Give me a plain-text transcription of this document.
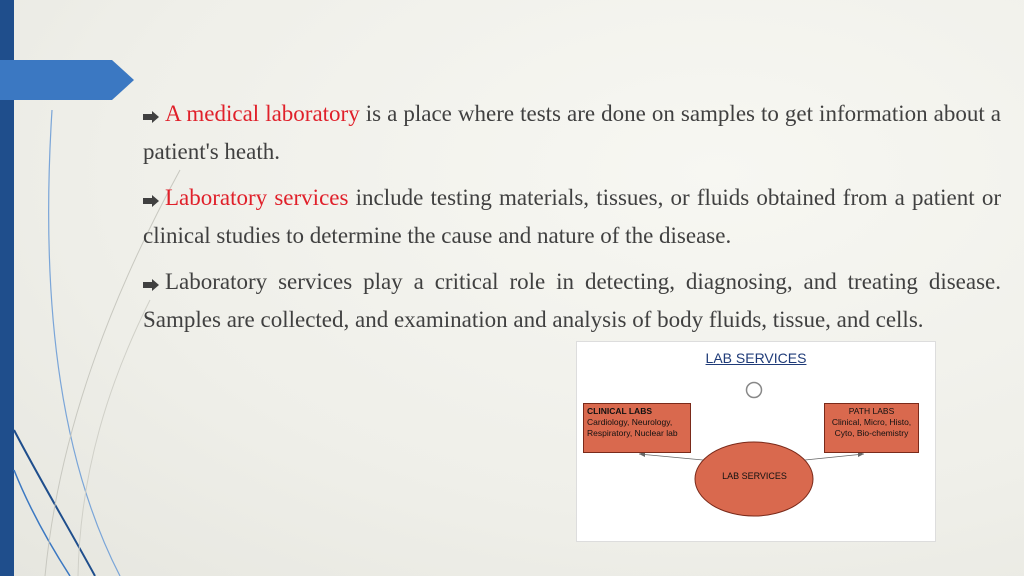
A medical laboratory is a place where tests are done on samples to get information about a patient's heath.
Laboratory services include testing materials, tissues, or fluids obtained from a patient or clinical studies to determine the cause and nature of the disease.
Laboratory services play a critical role in detecting, diagnosing, and treating disease. Samples are collected, and examination and analysis of body fluids, tissue, and cells.
LAB SERVICES
CLINICAL LABS
Cardiology, Neurology,
Respiratory, Nuclear lab
PATH LABS
Clinical, Micro, Histo,
Cyto, Bio-chemistry
LAB SERVICES
